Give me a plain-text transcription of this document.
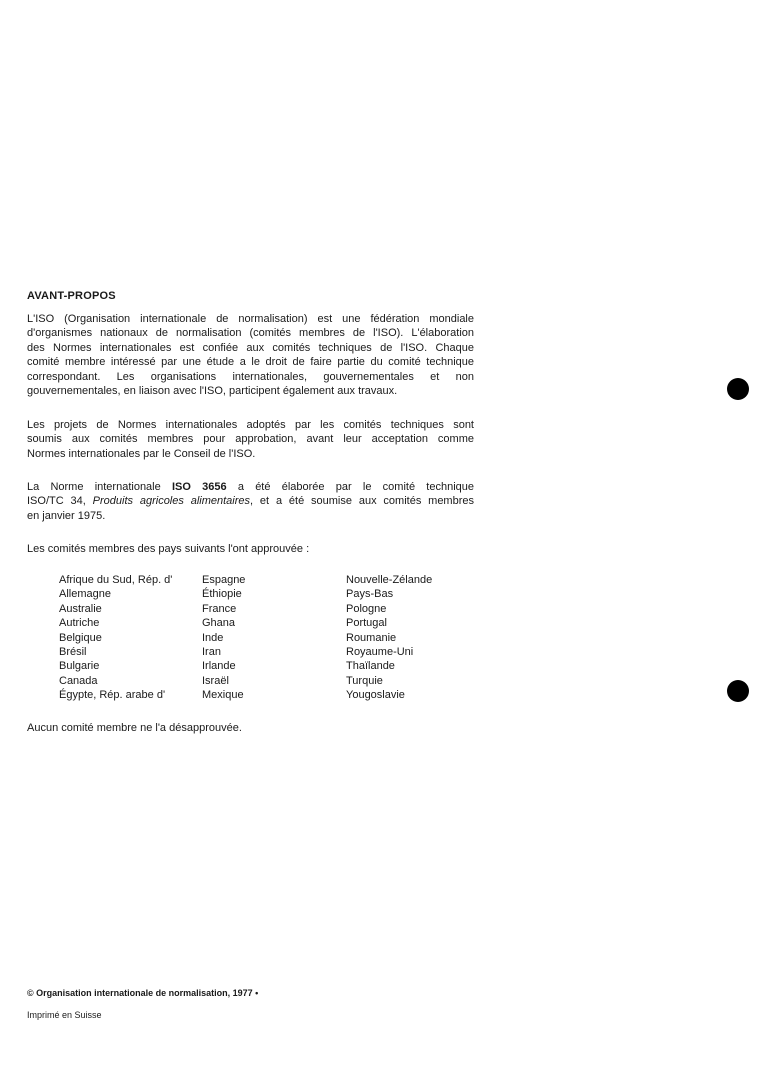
AVANT-PROPOS
L'ISO (Organisation internationale de normalisation) est une fédération mondiale
d'organismes nationaux de normalisation (comités membres de l'ISO). L'élaboration
des Normes internationales est confiée aux comités techniques de l'ISO. Chaque
comité membre intéressé par une étude a le droit de faire partie du comité technique
correspondant. Les organisations internationales, gouvernementales et non
gouvernementales, en liaison avec l'ISO, participent également aux travaux.
Les projets de Normes internationales adoptés par les comités techniques sont
soumis aux comités membres pour approbation, avant leur acceptation comme
Normes internationales par le Conseil de l'ISO.
La Norme internationale ISO 3656 a été élaborée par le comité technique
ISO/TC 34, Produits agricoles alimentaires, et a été soumise aux comités membres
en janvier 1975.
Les comités membres des pays suivants l'ont approuvée :
Afrique du Sud, Rép. d'
Allemagne
Australie
Autriche
Belgique
Brésil
Bulgarie
Canada
Égypte, Rép. arabe d'
Espagne
Éthiopie
France
Ghana
Inde
Iran
Irlande
Israël
Mexique
Nouvelle-Zélande
Pays-Bas
Pologne
Portugal
Roumanie
Royaume-Uni
Thaïlande
Turquie
Yougoslavie
Aucun comité membre ne l'a désapprouvée.
© Organisation internationale de normalisation, 1977 •
Imprimé en Suisse
